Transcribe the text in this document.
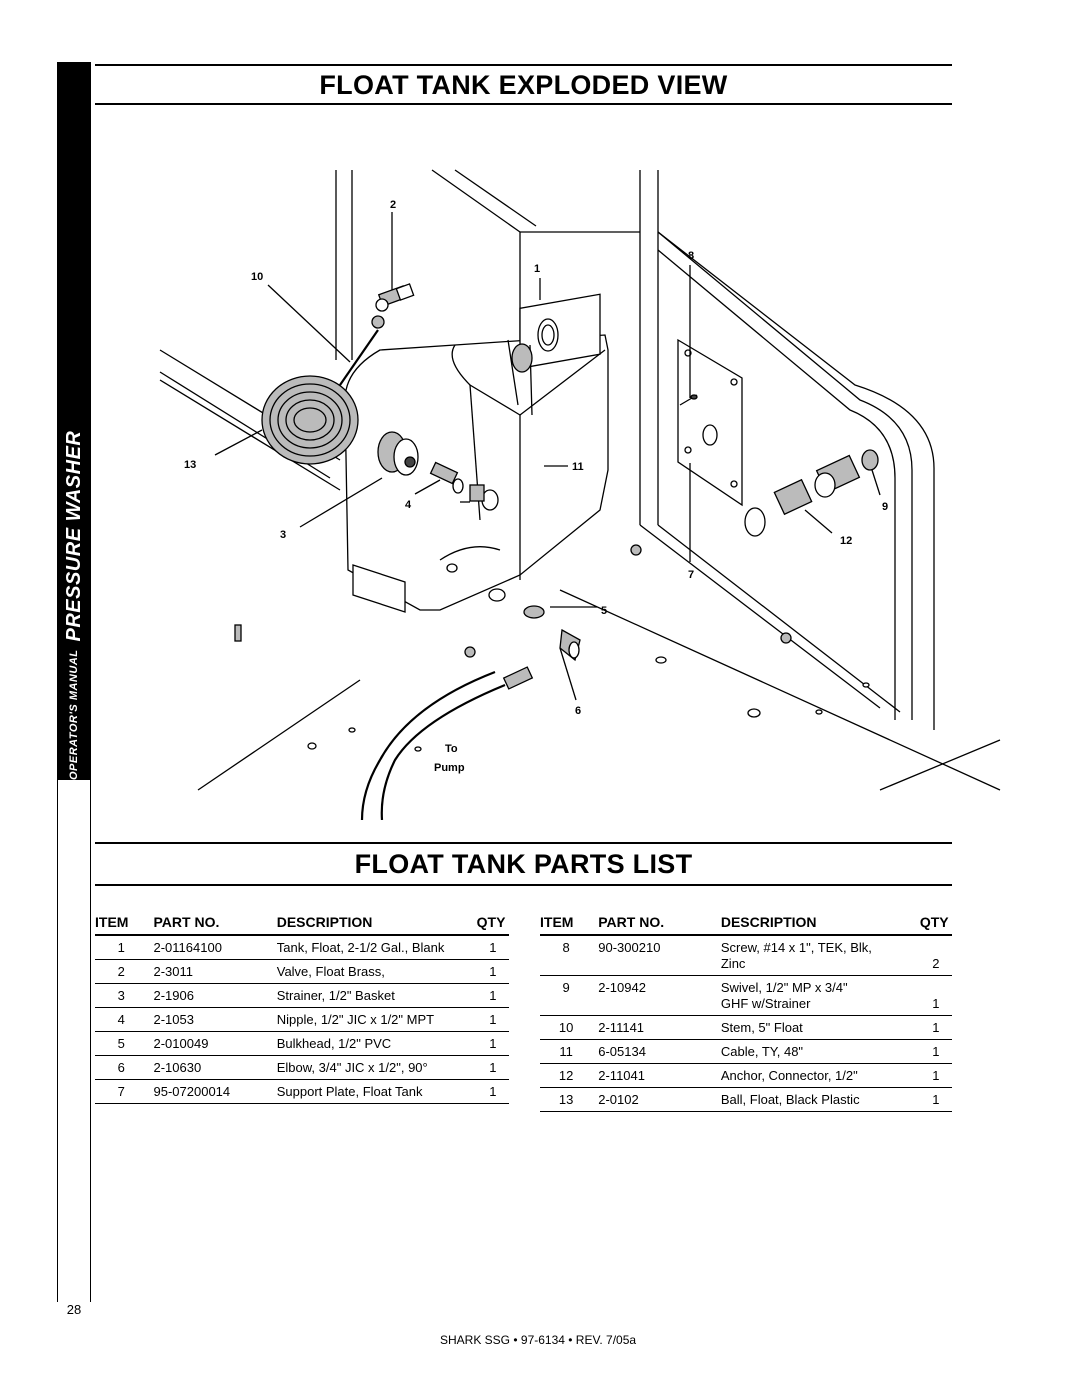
OPERATOR'S MANUAL
PRESSURE WASHER
28
FLOAT TANK EXPLODED VIEW
2
10
1
8
13	11
4	9
3	12
7
5
6
To
Pump
FLOAT TANK PARTS LIST
ITEM	PART NO.	DESCRIPTION	QTY
1	2-01164100	Tank, Float, 2-1/2 Gal., Blank	1
2	2-3011	Valve, Float Brass,	1
3	2-1906	Strainer, 1/2" Basket	1
4	2-1053	Nipple, 1/2" JIC x 1/2" MPT	1
5	2-010049	Bulkhead, 1/2" PVC	1
6	2-10630	Elbow, 3/4" JIC x 1/2", 90°	1
7	95-07200014	Support Plate, Float Tank	1
ITEM	PART NO.	DESCRIPTION	QTY
8	90-300210	Screw, #14 x 1", TEK, Blk,
Zinc	2
9	2-10942	Swivel, 1/2" MP x 3/4"
GHF w/Strainer	1
10	2-11141	Stem, 5" Float	1
11	6-05134	Cable, TY, 48"	1
12	2-11041	Anchor, Connector, 1/2"	1
13	2-0102	Ball, Float, Black Plastic	1
SHARK SSG • 97-6134 • REV. 7/05a
